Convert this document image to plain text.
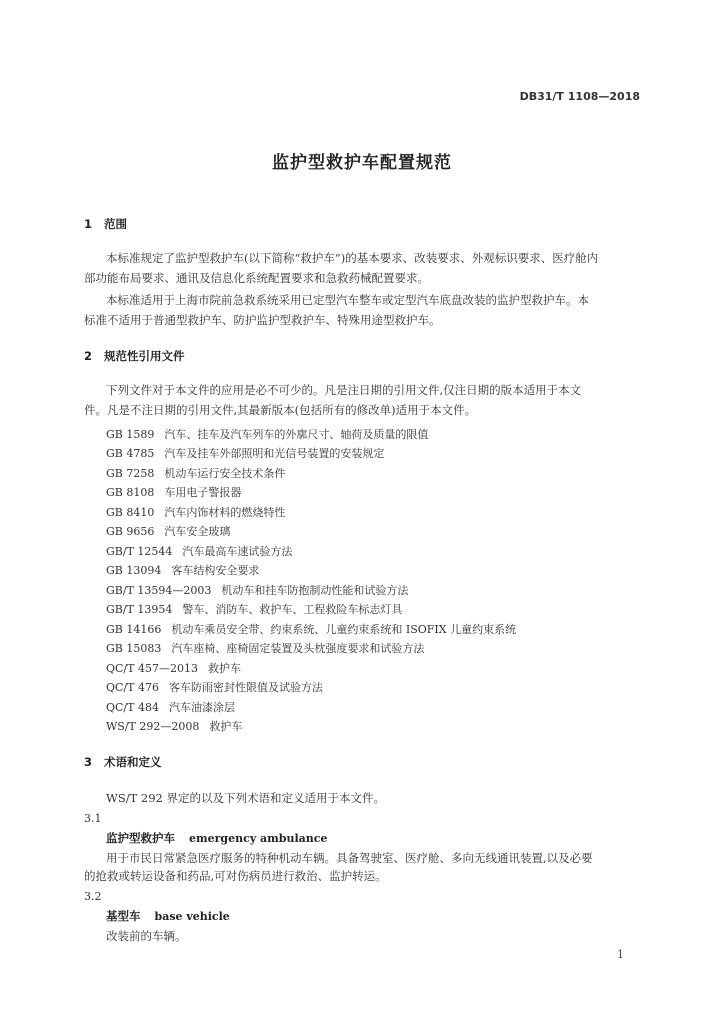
DB31/T 1108—2018
监护型救护车配置规范
1 范围
本标准规定了监护型救护车(以下简称“救护车”)的基本要求、改装要求、外观标识要求、医疗舱内
部功能布局要求、通讯及信息化系统配置要求和急救药械配置要求。
本标准适用于上海市院前急救系统采用已定型汽车整车或定型汽车底盘改装的监护型救护车。本
标准不适用于普通型救护车、防护监护型救护车、特殊用途型救护车。
2 规范性引用文件
下列文件对于本文件的应用是必不可少的。凡是注日期的引用文件,仅注日期的版本适用于本文
件。凡是不注日期的引用文件,其最新版本(包括所有的修改单)适用于本文件。
GB 1589 汽车、挂车及汽车列车的外廓尺寸、轴荷及质量的限值
GB 4785 汽车及挂车外部照明和光信号装置的安装规定
GB 7258 机动车运行安全技术条件
GB 8108 车用电子警报器
GB 8410 汽车内饰材料的燃烧特性
GB 9656 汽车安全玻璃
GB/T 12544 汽车最高车速试验方法
GB 13094 客车结构安全要求
GB/T 13594—2003 机动车和挂车防抱制动性能和试验方法
GB/T 13954 警车、消防车、救护车、工程救险车标志灯具
GB 14166 机动车乘员安全带、约束系统、儿童约束系统和 ISOFIX 儿童约束系统
GB 15083 汽车座椅、座椅固定装置及头枕强度要求和试验方法
QC/T 457—2013 救护车
QC/T 476 客车防雨密封性限值及试验方法
QC/T 484 汽车油漆涂层
WS/T 292—2008 救护车
3 术语和定义
WS/T 292 界定的以及下列术语和定义适用于本文件。
3.1
监护型救护车 emergency ambulance
用于市民日常紧急医疗服务的特种机动车辆。具备驾驶室、医疗舱、多向无线通讯装置,以及必要
的抢救或转运设备和药品,可对伤病员进行救治、监护转运。
3.2
基型车 base vehicle
改装前的车辆。
1
